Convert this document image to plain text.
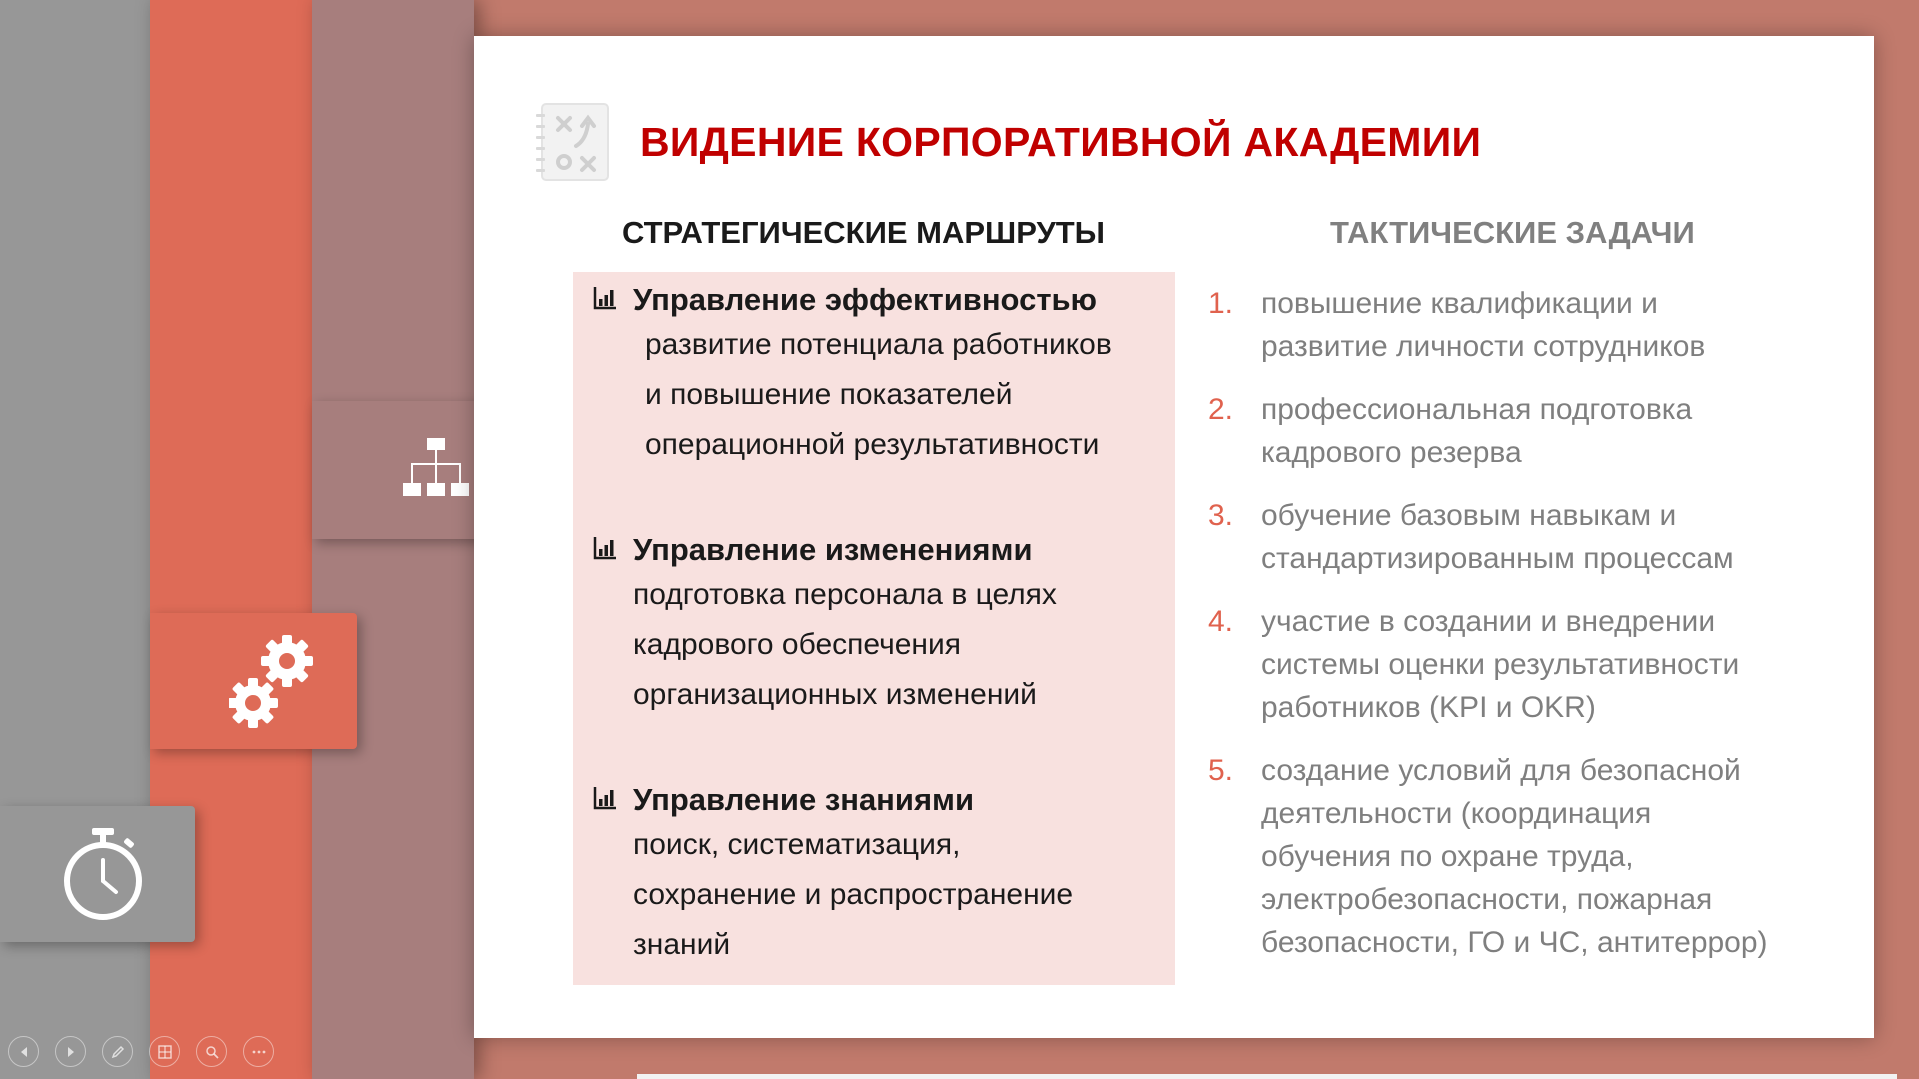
ВИДЕНИЕ КОРПОРАТИВНОЙ АКАДЕМИИ
СТРАТЕГИЧЕСКИЕ МАРШРУТЫ	ТАКТИЧЕСКИЕ ЗАДАЧИ
Управление эффективностью
развитие потенциала работников
и повышение показателей
операционной результативности
Управление изменениями
подготовка персонала в целях
кадрового обеспечения
организационных изменений
Управление знаниями
поиск, систематизация,
сохранение и распространение
знаний
1. повышение квалификации и
развитие личности сотрудников
2. профессиональная подготовка
кадрового резерва
3. обучение базовым навыкам и
стандартизированным процессам
4. участие в создании и внедрении
системы оценки результативности
работников (KPI и OKR)
5. создание условий для безопасной
деятельности (координация
обучения по охране труда,
электробезопасности, пожарная
безопасности, ГО и ЧС, антитеррор)
